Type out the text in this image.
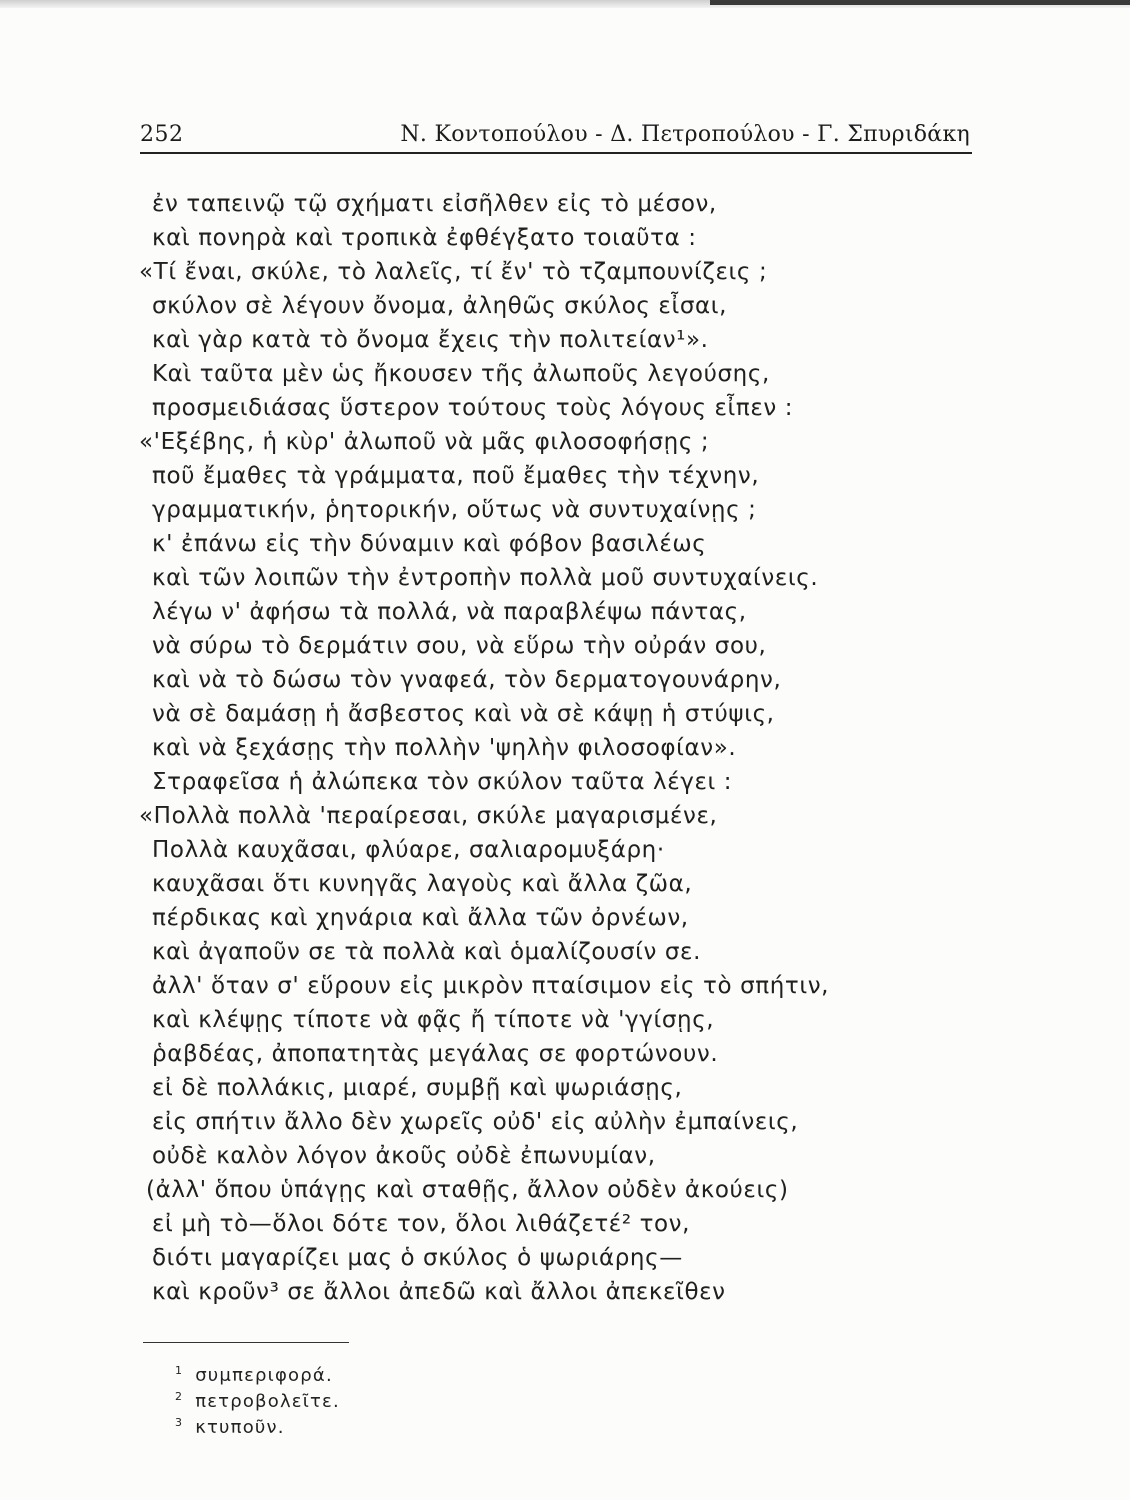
252	Ν. Κοντοπούλου - Δ. Πετροπούλου - Γ. Σπυριδάκη
ἐν ταπεινῷ τῷ σχήματι εἰσῆλθεν εἰς τὸ μέσον,
καὶ πονηρὰ καὶ τροπικὰ ἐφθέγξατο τοιαῦτα :
«Τί ἔναι, σκύλε, τὸ λαλεῖς, τί ἔν' τὸ τζαμπουνίζεις ;
σκύλον σὲ λέγουν ὄνομα, ἀληθῶς σκύλος εἶσαι,
καὶ γὰρ κατὰ τὸ ὄνομα ἔχεις τὴν πολιτείαν¹».
Καὶ ταῦτα μὲν ὡς ἤκουσεν τῆς ἀλωποῦς λεγούσης,
προσμειδιάσας ὕστερον τούτους τοὺς λόγους εἶπεν :
«'Εξέβης, ἡ κὺρ' ἀλωποῦ νὰ μᾶς φιλοσοφήσῃς ;
ποῦ ἔμαθες τὰ γράμματα, ποῦ ἔμαθες τὴν τέχνην,
γραμματικήν, ῥητορικήν, οὕτως νὰ συντυχαίνῃς ;
κ' ἐπάνω εἰς τὴν δύναμιν καὶ φόβον βασιλέως
καὶ τῶν λοιπῶν τὴν ἐντροπὴν πολλὰ μοῦ συντυχαίνεις.
λέγω ν' ἀφήσω τὰ πολλά, νὰ παραβλέψω πάντας,
νὰ σύρω τὸ δερμάτιν σου, νὰ εὕρω τὴν οὐράν σου,
καὶ νὰ τὸ δώσω τὸν γναφεά, τὸν δερματογουνάρην,
νὰ σὲ δαμάσῃ ἡ ἄσβεστος καὶ νὰ σὲ κάψῃ ἡ στύψις,
καὶ νὰ ξεχάσῃς τὴν πολλὴν 'ψηλὴν φιλοσοφίαν».
Στραφεῖσα ἡ ἀλώπεκα τὸν σκύλον ταῦτα λέγει :
«Πολλὰ πολλὰ 'περαίρεσαι, σκύλε μαγαρισμένε,
Πολλὰ καυχᾶσαι, φλύαρε, σαλιαρομυξάρη·
καυχᾶσαι ὅτι κυνηγᾶς λαγοὺς καὶ ἄλλα ζῶα,
πέρδικας καὶ χηνάρια καὶ ἄλλα τῶν ὀρνέων,
καὶ ἀγαποῦν σε τὰ πολλὰ καὶ ὁμαλίζουσίν σε.
ἀλλ' ὅταν σ' εὕρουν εἰς μικρὸν πταίσιμον εἰς τὸ σπήτιν,
καὶ κλέψῃς τίποτε νὰ φᾷς ἤ τίποτε νὰ 'γγίσῃς,
ῥαβδέας, ἀποπατητὰς μεγάλας σε φορτώνουν.
εἰ δὲ πολλάκις, μιαρέ, συμβῇ καὶ ψωριάσῃς,
εἰς σπήτιν ἄλλο δὲν χωρεῖς οὐδ' εἰς αὐλὴν ἐμπαίνεις,
οὐδὲ καλὸν λόγον ἀκοῦς οὐδὲ ἐπωνυμίαν,
(ἀλλ' ὅπου ὑπάγῃς καὶ σταθῇς, ἄλλον οὐδὲν ἀκούεις)
εἰ μὴ τὸ—ὅλοι δότε τον, ὅλοι λιθάζετέ² τον,
διότι μαγαρίζει μας ὁ σκύλος ὁ ψωριάρης—
καὶ κροῦν³ σε ἄλλοι ἀπεδῶ καὶ ἄλλοι ἀπεκεῖθεν
$^1$ συμπεριφορά.
$^2$ πετροβολεῖτε.
$^3$ κτυποῦν.
